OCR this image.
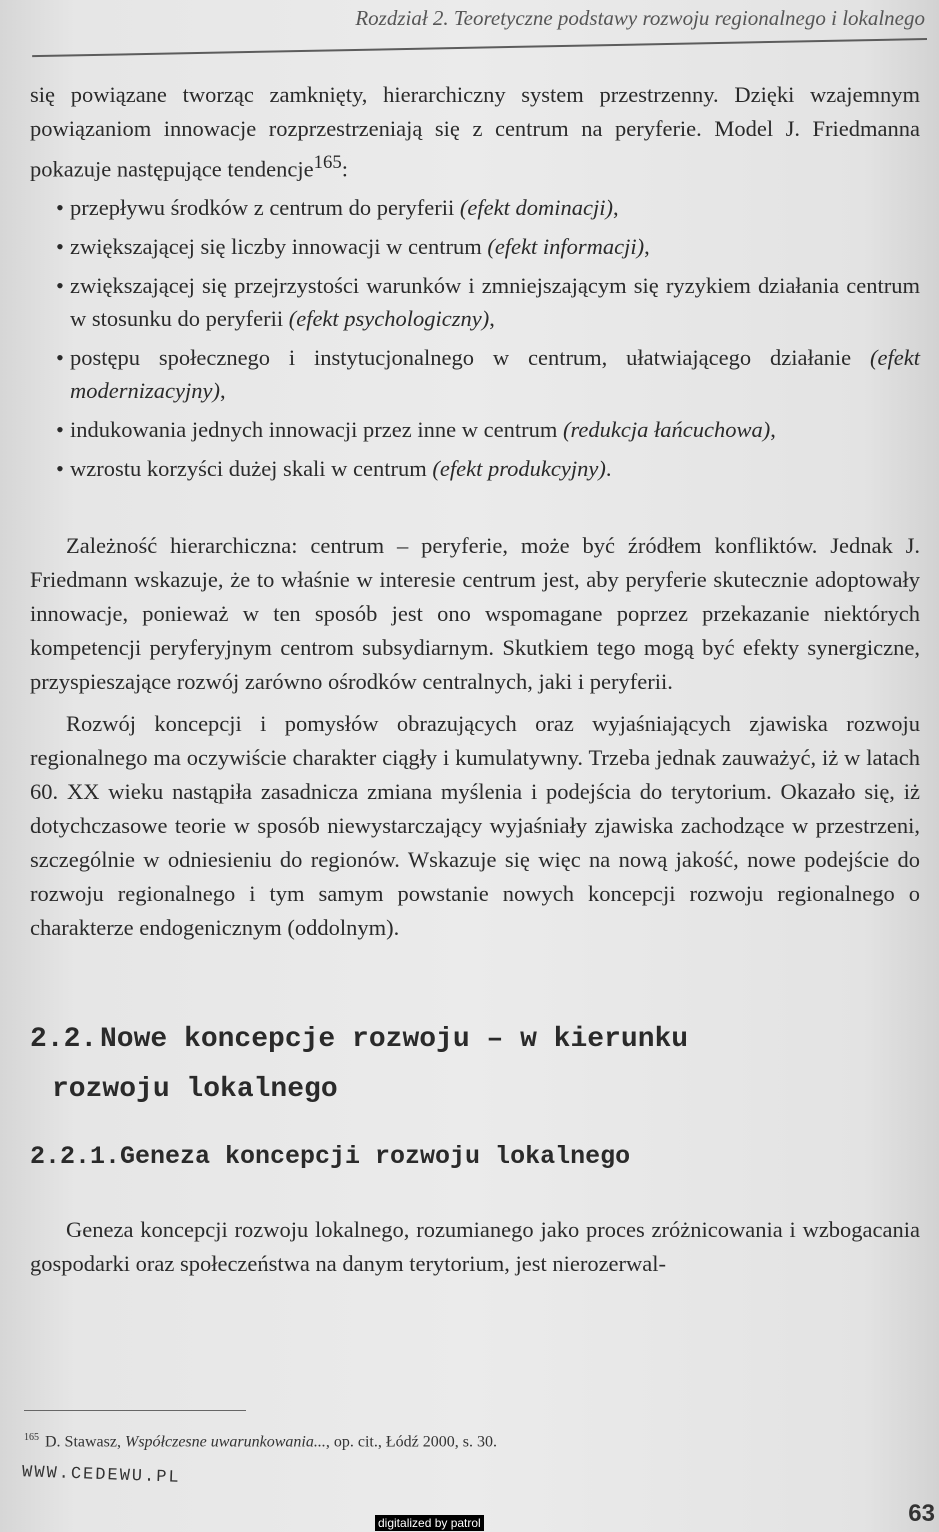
Rozdział 2. Teoretyczne podstawy rozwoju regionalnego i lokalnego

się powiązane tworząc zamknięty, hierarchiczny system przestrzenny. Dzięki wzajemnym powiązaniom innowacje rozprzestrzeniają się z centrum na peryferie. Model J. Friedmanna pokazuje następujące tendencje$^{165}$:

• przepływu środków z centrum do peryferii (efekt dominacji),
• zwiększającej się liczby innowacji w centrum (efekt informacji),
• zwiększającej się przejrzystości warunków i zmniejszającym się ryzykiem działania centrum w stosunku do peryferii (efekt psychologiczny),
• postępu społecznego i instytucjonalnego w centrum, ułatwiającego działanie (efekt modernizacyjny),
• indukowania jednych innowacji przez inne w centrum (redukcja łańcuchowa),
• wzrostu korzyści dużej skali w centrum (efekt produkcyjny).

Zależność hierarchiczna: centrum – peryferie, może być źródłem konfliktów. Jednak J. Friedmann wskazuje, że to właśnie w interesie centrum jest, aby peryferie skutecznie adoptowały innowacje, ponieważ w ten sposób jest ono wspomagane poprzez przekazanie niektórych kompetencji peryferyjnym centrom subsydiarnym. Skutkiem tego mogą być efekty synergiczne, przyspieszające rozwój zarówno ośrodków centralnych, jaki i peryferii.

Rozwój koncepcji i pomysłów obrazujących oraz wyjaśniających zjawiska rozwoju regionalnego ma oczywiście charakter ciągły i kumulatywny. Trzeba jednak zauważyć, iż w latach 60. XX wieku nastąpiła zasadnicza zmiana myślenia i podejścia do terytorium. Okazało się, iż dotychczasowe teorie w sposób niewystarczający wyjaśniały zjawiska zachodzące w przestrzeni, szczególnie w odniesieniu do regionów. Wskazuje się więc na nową jakość, nowe podejście do rozwoju regionalnego i tym samym powstanie nowych koncepcji rozwoju regionalnego o charakterze endogenicznym (oddolnym).

2.2.Nowe koncepcje rozwoju – w kierunku
rozwoju lokalnego
2.2.1.Geneza koncepcji rozwoju lokalnego

Geneza koncepcji rozwoju lokalnego, rozumianego jako proces zróżnicowania i wzbogacania gospodarki oraz społeczeństwa na danym terytorium, jest nierozerwal-

$^{165}$ D. Stawasz, Współczesne uwarunkowania..., op. cit., Łódź 2000, s. 30.
WWW.CEDEWU.PL
63
digitalized by patrol
